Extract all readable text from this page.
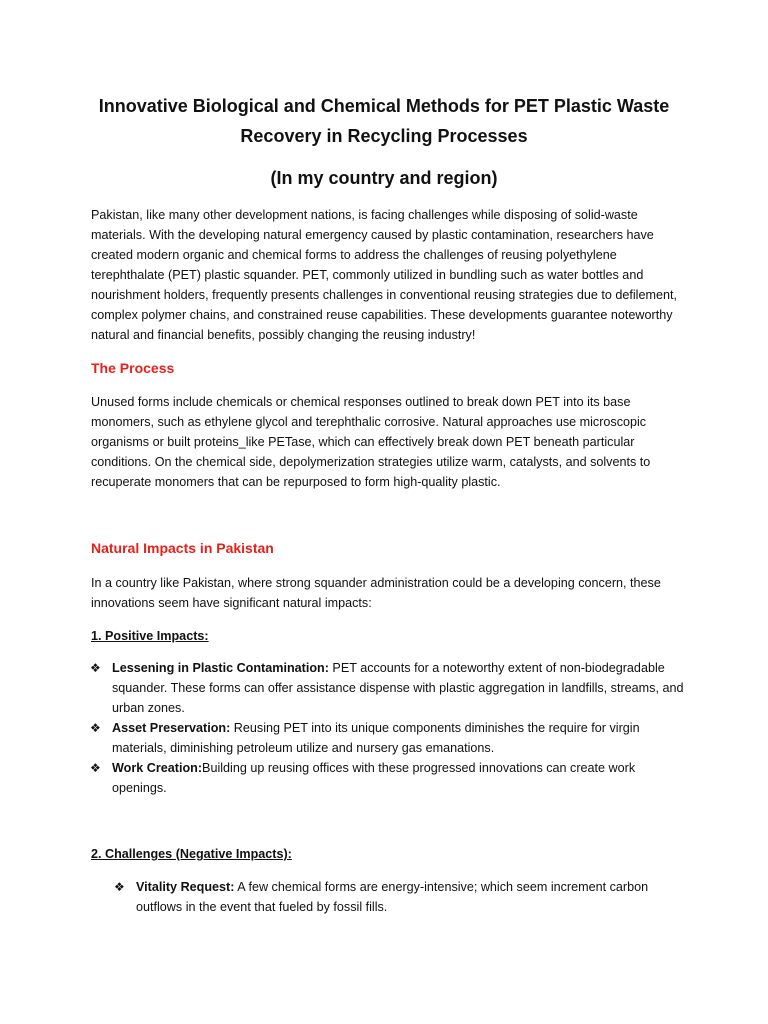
Innovative Biological and Chemical Methods for PET Plastic Waste Recovery in Recycling Processes
(In my country and region)

Pakistan, like many other development nations, is facing challenges while disposing of solid-waste materials. With the developing natural emergency caused by plastic contamination, researchers have created modern organic and chemical forms to address the challenges of reusing polyethylene terephthalate (PET) plastic squander. PET, commonly utilized in bundling such as water bottles and nourishment holders, frequently presents challenges in conventional reusing strategies due to defilement, complex polymer chains, and constrained reuse capabilities. These developments guarantee noteworthy natural and financial benefits, possibly changing the reusing industry!

The Process

Unused forms include chemicals or chemical responses outlined to break down PET into its base monomers, such as ethylene glycol and terephthalic corrosive. Natural approaches use microscopic organisms or built proteins_like PETase, which can effectively break down PET beneath particular conditions. On the chemical side, depolymerization strategies utilize warm, catalysts, and solvents to recuperate monomers that can be repurposed to form high-quality plastic.

Natural Impacts in Pakistan

In a country like Pakistan, where strong squander administration could be a developing concern, these innovations seem have significant natural impacts:

1. Positive Impacts:

❖ Lessening in Plastic Contamination: PET accounts for a noteworthy extent of non-biodegradable squander. These forms can offer assistance dispense with plastic aggregation in landfills, streams, and urban zones.
❖ Asset Preservation: Reusing PET into its unique components diminishes the require for virgin materials, diminishing petroleum utilize and nursery gas emanations.
❖ Work Creation:Building up reusing offices with these progressed innovations can create work openings.

2. Challenges (Negative Impacts):

❖ Vitality Request: A few chemical forms are energy-intensive; which seem increment carbon outflows in the event that fueled by fossil fills.
